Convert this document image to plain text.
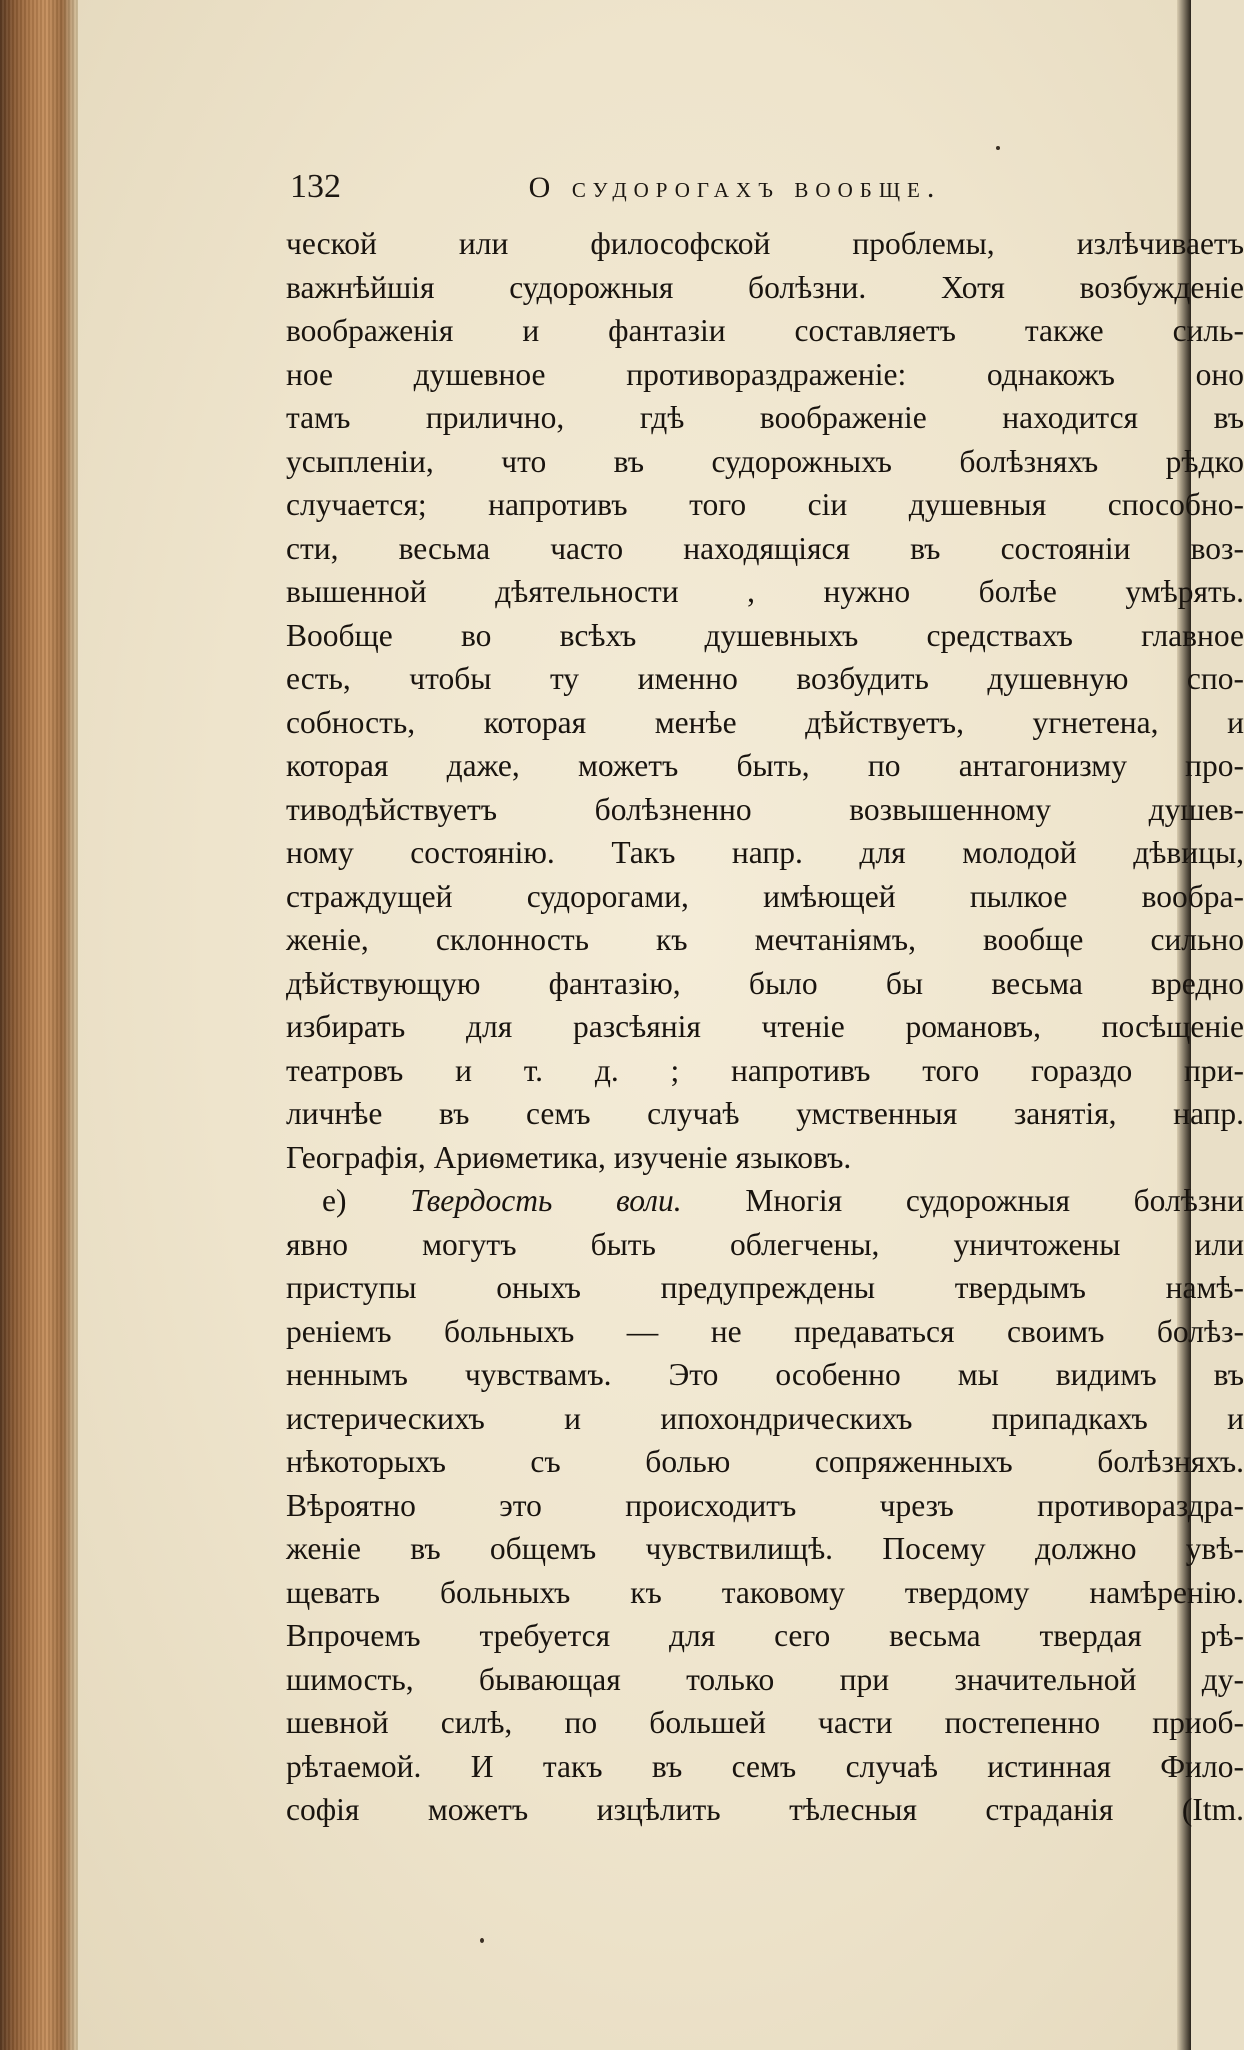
132	О судорогахъ вообще.
ческой или философской проблемы, излѣчиваетъ
важнѣйшія судорожныя болѣзни. Хотя возбужденіе
воображенія и фантазіи составляетъ также силь-
ное душевное противораздраженіе: однакожъ оно
тамъ прилично, гдѣ воображеніе находится въ
усыпленіи, что въ судорожныхъ болѣзняхъ рѣдко
случается; напротивъ того сіи душевныя способно-
сти, весьма часто находящіяся въ состояніи воз-
вышенной дѣятельности , нужно болѣе умѣрять.
Вообще во всѣхъ душевныхъ средствахъ главное
есть, чтобы ту именно возбудить душевную спо-
собность, которая менѣе дѣйствуетъ, угнетена, и
которая даже, можетъ быть, по антагонизму про-
тиводѣйствуетъ болѣзненно возвышенному душев-
ному состоянію. Такъ напр. для молодой дѣвицы,
страждущей судорогами, имѣющей пылкое вообра-
женіе, склонность къ мечтаніямъ, вообще сильно
дѣйствующую фантазію, было бы весьма вредно
избирать для разсѣянія чтеніе романовъ, посѣщеніе
театровъ и т. д. ; напротивъ того гораздо при-
личнѣе въ семъ случаѣ умственныя занятія, напр.
Географія, Ариѳметика, изученіе языковъ.
е) Твердость воли. Многія судорожныя болѣзни
явно могутъ быть облегчены, уничтожены или
приступы оныхъ предупреждены твердымъ намѣ-
реніемъ больныхъ — не предаваться своимъ болѣз-
неннымъ чувствамъ. Это особенно мы видимъ въ
истерическихъ и ипохондрическихъ припадкахъ и
нѣкоторыхъ съ болью сопряженныхъ болѣзняхъ.
Вѣроятно это происходитъ чрезъ противораздра-
женіе въ общемъ чувствилищѣ. Посему должно увѣ-
щевать больныхъ къ таковому твердому намѣренію.
Впрочемъ требуется для сего весьма твердая рѣ-
шимость, бывающая только при значительной ду-
шевной силѣ, по большей части постепенно приоб-
рѣтаемой. И такъ въ семъ случаѣ истинная Фило-
софія можетъ изцѣлить тѣлесныя страданія (Itm.
